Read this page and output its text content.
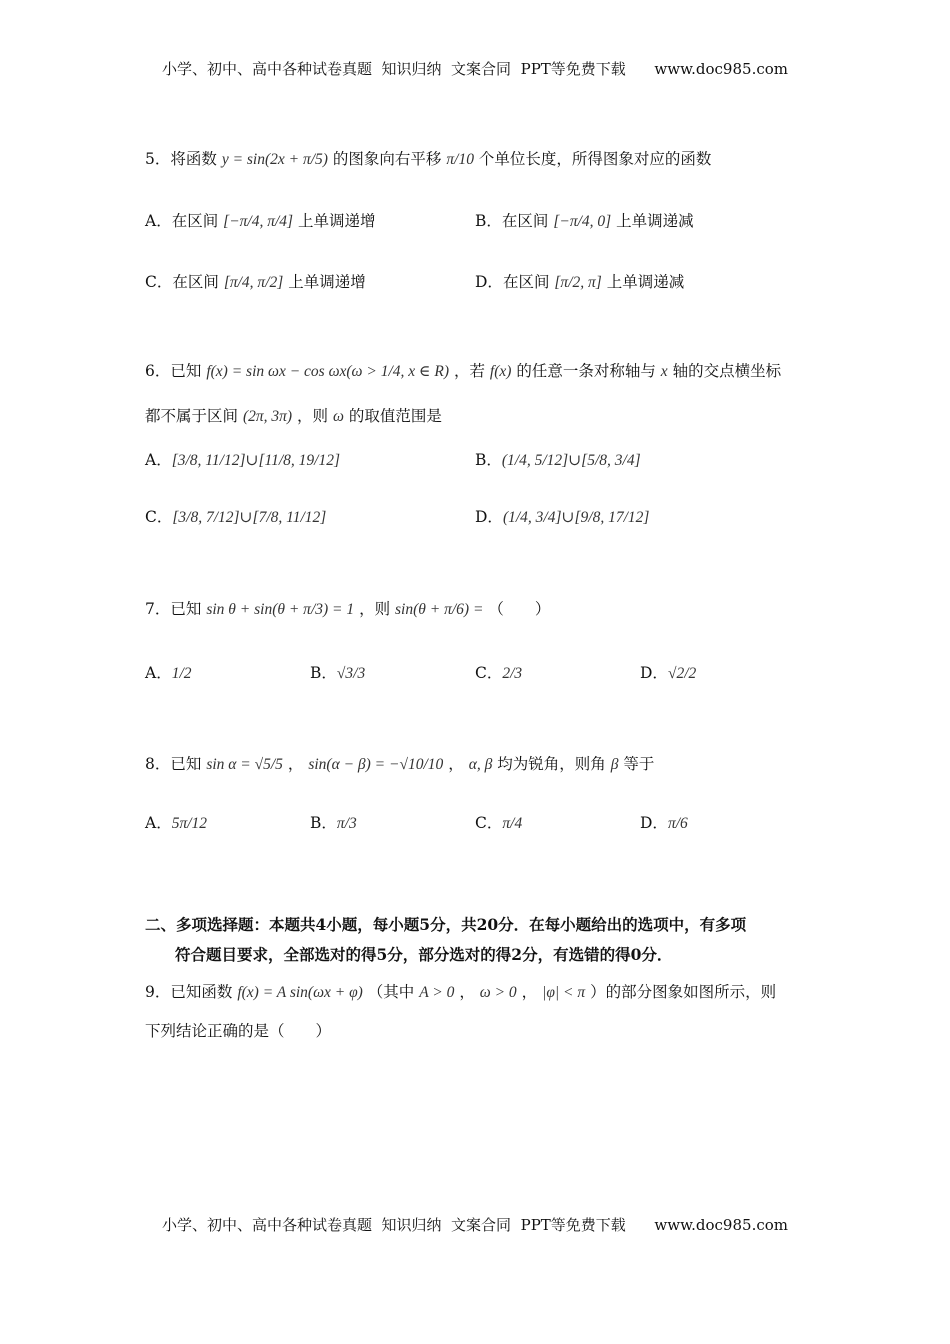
小学、初中、高中各种试卷真题  知识归纳  文案合同  PPT等免费下载      www.doc985.com
5．将函数 y = sin(2x + π/5) 的图象向右平移 π/10 个单位长度，所得图象对应的函数
A．在区间 [−π/4, π/4] 上单调递增	B．在区间 [−π/4, 0] 上单调递减
C．在区间 [π/4, π/2] 上单调递增	D．在区间 [π/2, π] 上单调递减
6．已知 f(x) = sin ωx − cos ωx(ω > 1/4, x ∈ R) ，若 f(x) 的任意一条对称轴与 x 轴的交点横坐标
都不属于区间 (2π, 3π) ，则 ω 的取值范围是
A．[3/8, 11/12]∪[11/8, 19/12]	B．(1/4, 5/12]∪[5/8, 3/4]
C．[3/8, 7/12]∪[7/8, 11/12]	D．(1/4, 3/4]∪[9/8, 17/12]
7．已知 sin θ + sin(θ + π/3) = 1 ，则 sin(θ + π/6) = （　　）
A．1/2	B．√3/3	C．2/3	D．√2/2
8．已知 sin α = √5/5 ， sin(α − β) = −√10/10 ， α, β 均为锐角，则角 β 等于
A．5π/12	B．π/3	C．π/4	D．π/6
二、多项选择题：本题共4小题，每小题5分，共20分．在每小题给出的选项中，有多项
符合题目要求，全部选对的得5分，部分选对的得2分，有选错的得0分．
9．已知函数 f(x) = A sin(ωx + φ) （其中 A > 0 ， ω > 0 ， |φ| < π ）的部分图象如图所示，则
下列结论正确的是（　　）
小学、初中、高中各种试卷真题  知识归纳  文案合同  PPT等免费下载      www.doc985.com
